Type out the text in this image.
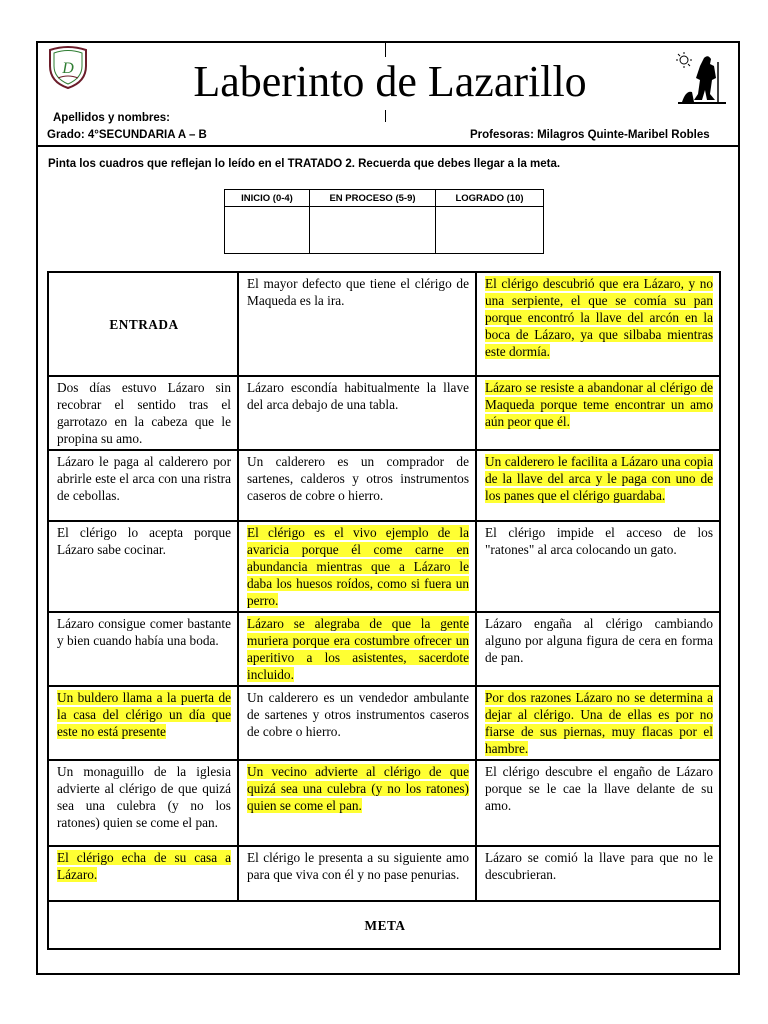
D	Laberinto de Lazarillo
Apellidos y nombres:
Grado: 4°SECUNDARIA A – B	Profesoras: Milagros Quinte-Maribel Robles
Pinta los cuadros que reflejan lo leído en el TRATADO 2. Recuerda que debes llegar a la meta.
INICIO (0-4)	EN PROCESO (5-9)	LOGRADO (10)

ENTRADA	El mayor defecto que tiene el clérigo de Maqueda es la ira.	El clérigo descubrió que era Lázaro, y no una serpiente, el que se comía su pan porque encontró la llave del arcón en la boca de Lázaro, ya que silbaba mientras este dormía.
Dos días estuvo Lázaro sin recobrar el sentido tras el garrotazo en la cabeza que le propina su amo.	Lázaro escondía habitualmente la llave del arca debajo de una tabla.	Lázaro se resiste a abandonar al clérigo de Maqueda porque teme encontrar un amo aún peor que él.
Lázaro le paga al calderero por abrirle este el arca con una ristra de cebollas.	Un calderero es un comprador de sartenes, calderos y otros instrumentos caseros de cobre o hierro.	Un calderero le facilita a Lázaro una copia de la llave del arca y le paga con uno de los panes que el clérigo guardaba.
El clérigo lo acepta porque Lázaro sabe cocinar.	El clérigo es el vivo ejemplo de la avaricia porque él come carne en abundancia mientras que a Lázaro le daba los huesos roídos, como si fuera un perro.	El clérigo impide el acceso de los "ratones" al arca colocando un gato.
Lázaro consigue comer bastante y bien cuando había una boda.	Lázaro se alegraba de que la gente muriera porque era costumbre ofrecer un aperitivo a los asistentes, sacerdote incluido.	Lázaro engaña al clérigo cambiando alguno por alguna figura de cera en forma de pan.
Un buldero llama a la puerta de la casa del clérigo un día que este no está presente	Un calderero es un vendedor ambulante de sartenes y otros instrumentos caseros de cobre o hierro.	Por dos razones Lázaro no se determina a dejar al clérigo. Una de ellas es por no fiarse de sus piernas, muy flacas por el hambre.
Un monaguillo de la iglesia advierte al clérigo de que quizá sea una culebra (y no los ratones) quien se come el pan.	Un vecino advierte al clérigo de que quizá sea una culebra (y no los ratones) quien se come el pan.	El clérigo descubre el engaño de Lázaro porque se le cae la llave delante de su amo.
El clérigo echa de su casa a Lázaro.	El clérigo le presenta a su siguiente amo para que viva con él y no pase penurias.	Lázaro se comió la llave para que no le descubrieran.
META		
